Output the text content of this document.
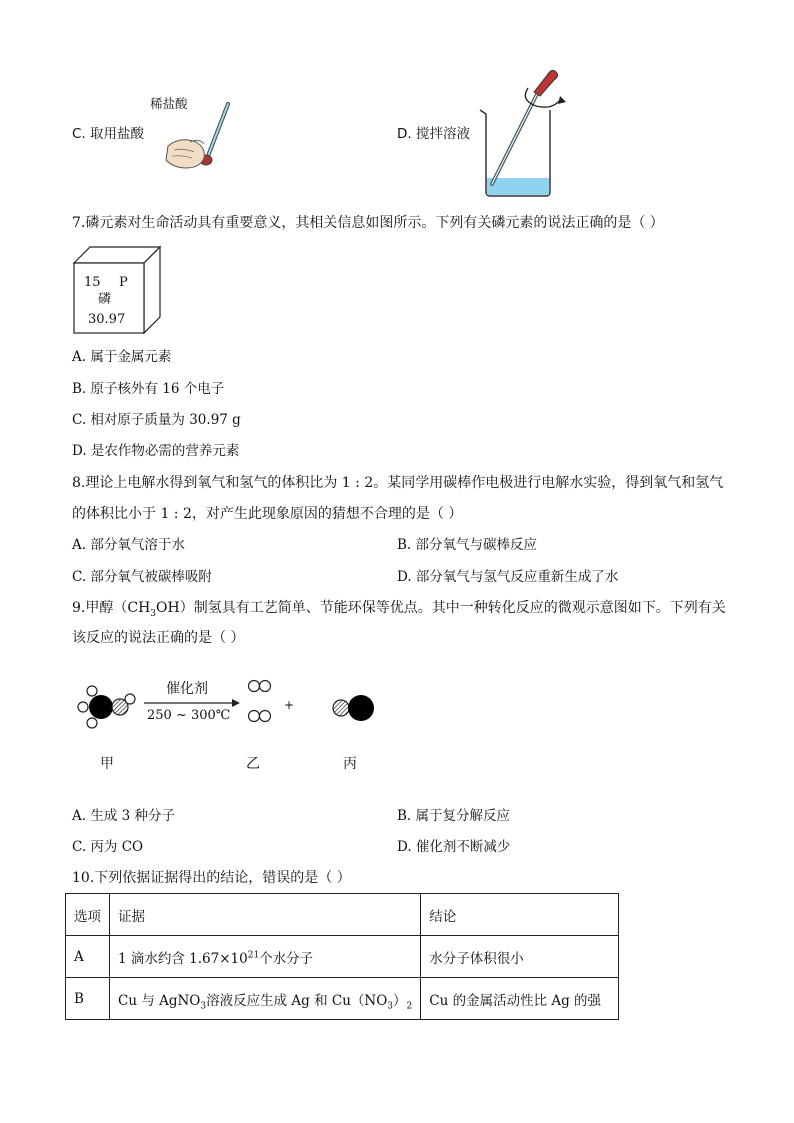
C. 取用盐酸
稀盐酸
D. 搅拌溶液
7.磷元素对生命活动具有重要意义，其相关信息如图所示。下列有关磷元素的说法正确的是（ ）
15 P
磷
30.97
A. 属于金属元素
B. 原子核外有 16 个电子
C. 相对原子质量为 30.97 g
D. 是农作物必需的营养元素
8.理论上电解水得到氧气和氢气的体积比为 1 : 2。某同学用碳棒作电极进行电解水实验，得到氧气和氢气
的体积比小于 1 : 2，对产生此现象原因的猜想不合理的是（ ）
A. 部分氧气溶于水	B. 部分氧气与碳棒反应
C. 部分氧气被碳棒吸附	D. 部分氧气与氢气反应重新生成了水
9.甲醇$(CH_3OH)$制氢具有工艺简单、节能环保等优点。其中一种转化反应的微观示意图如下。下列有关
该反应的说法正确的是（ ）
催化剂
250 ~ 300℃
+
甲	乙	丙
A. 生成 3 种分子	B. 属于复分解反应
C. 丙为 CO	D. 催化剂不断减少
10.下列依据证据得出的结论，错误的是（ ）
选项	证据	结论
A	1 滴水约含 $1.67\times 10^{21}$个水分子	水分子体积很小
B	Cu 与 AgNO$_3$溶液反应生成 Ag 和 $Cu(NO_3)_2$	Cu 的金属活动性比 Ag 的强
